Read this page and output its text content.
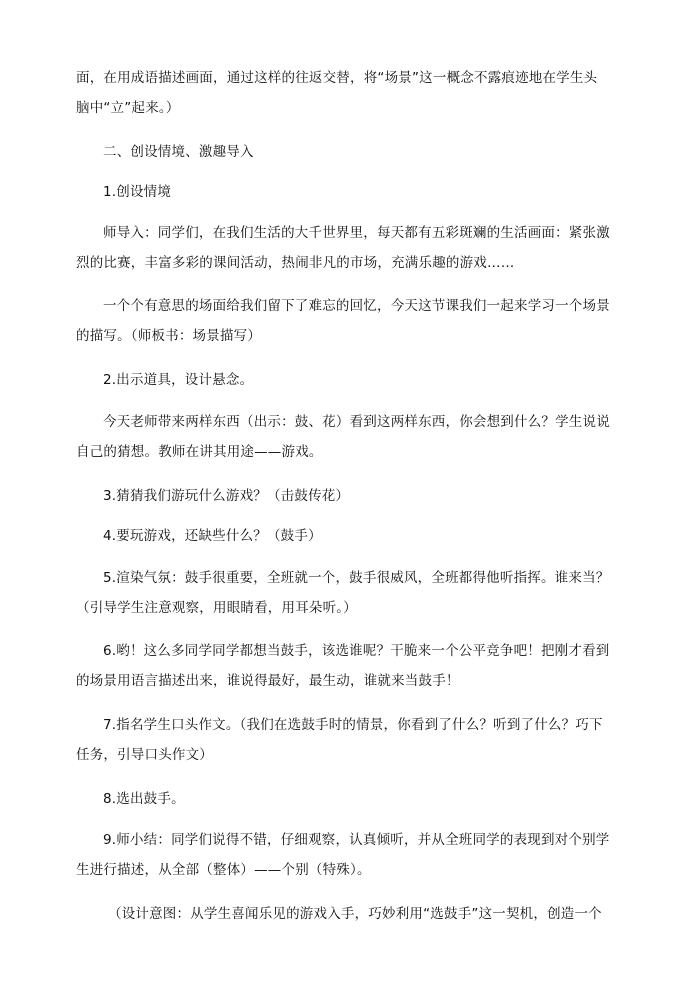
面，在用成语描述画面，通过这样的往返交替，将“场景”这一概念不露痕迹地在学生头
脑中“立”起来。）

二、创设情境、激趣导入

1.创设情境

师导入：同学们，在我们生活的大千世界里，每天都有五彩斑斓的生活画面：紧张激
烈的比赛，丰富多彩的课间活动，热闹非凡的市场，充满乐趣的游戏……

一个个有意思的场面给我们留下了难忘的回忆，今天这节课我们一起来学习一个场景
的描写。（师板书：场景描写）

2.出示道具，设计悬念。

今天老师带来两样东西（出示：鼓、花）看到这两样东西，你会想到什么？学生说说
自己的猜想。教师在讲其用途——游戏。

3.猜猜我们游玩什么游戏？（击鼓传花）

4.要玩游戏，还缺些什么？（鼓手）

5.渲染气氛：鼓手很重要，全班就一个，鼓手很威风，全班都得他听指挥。谁来当？
（引导学生注意观察，用眼睛看，用耳朵听。）

6.哟！这么多同学同学都想当鼓手，该选谁呢？干脆来一个公平竞争吧！把刚才看到
的场景用语言描述出来，谁说得最好，最生动，谁就来当鼓手！

7.指名学生口头作文。（我们在选鼓手时的情景，你看到了什么？听到了什么？巧下
任务，引导口头作文）

8.选出鼓手。

9.师小结：同学们说得不错，仔细观察，认真倾听，并从全班同学的表现到对个别学
生进行描述，从全部（整体）——个别（特殊）。

（设计意图：从学生喜闻乐见的游戏入手，巧妙利用“选鼓手”这一契机，创造一个
